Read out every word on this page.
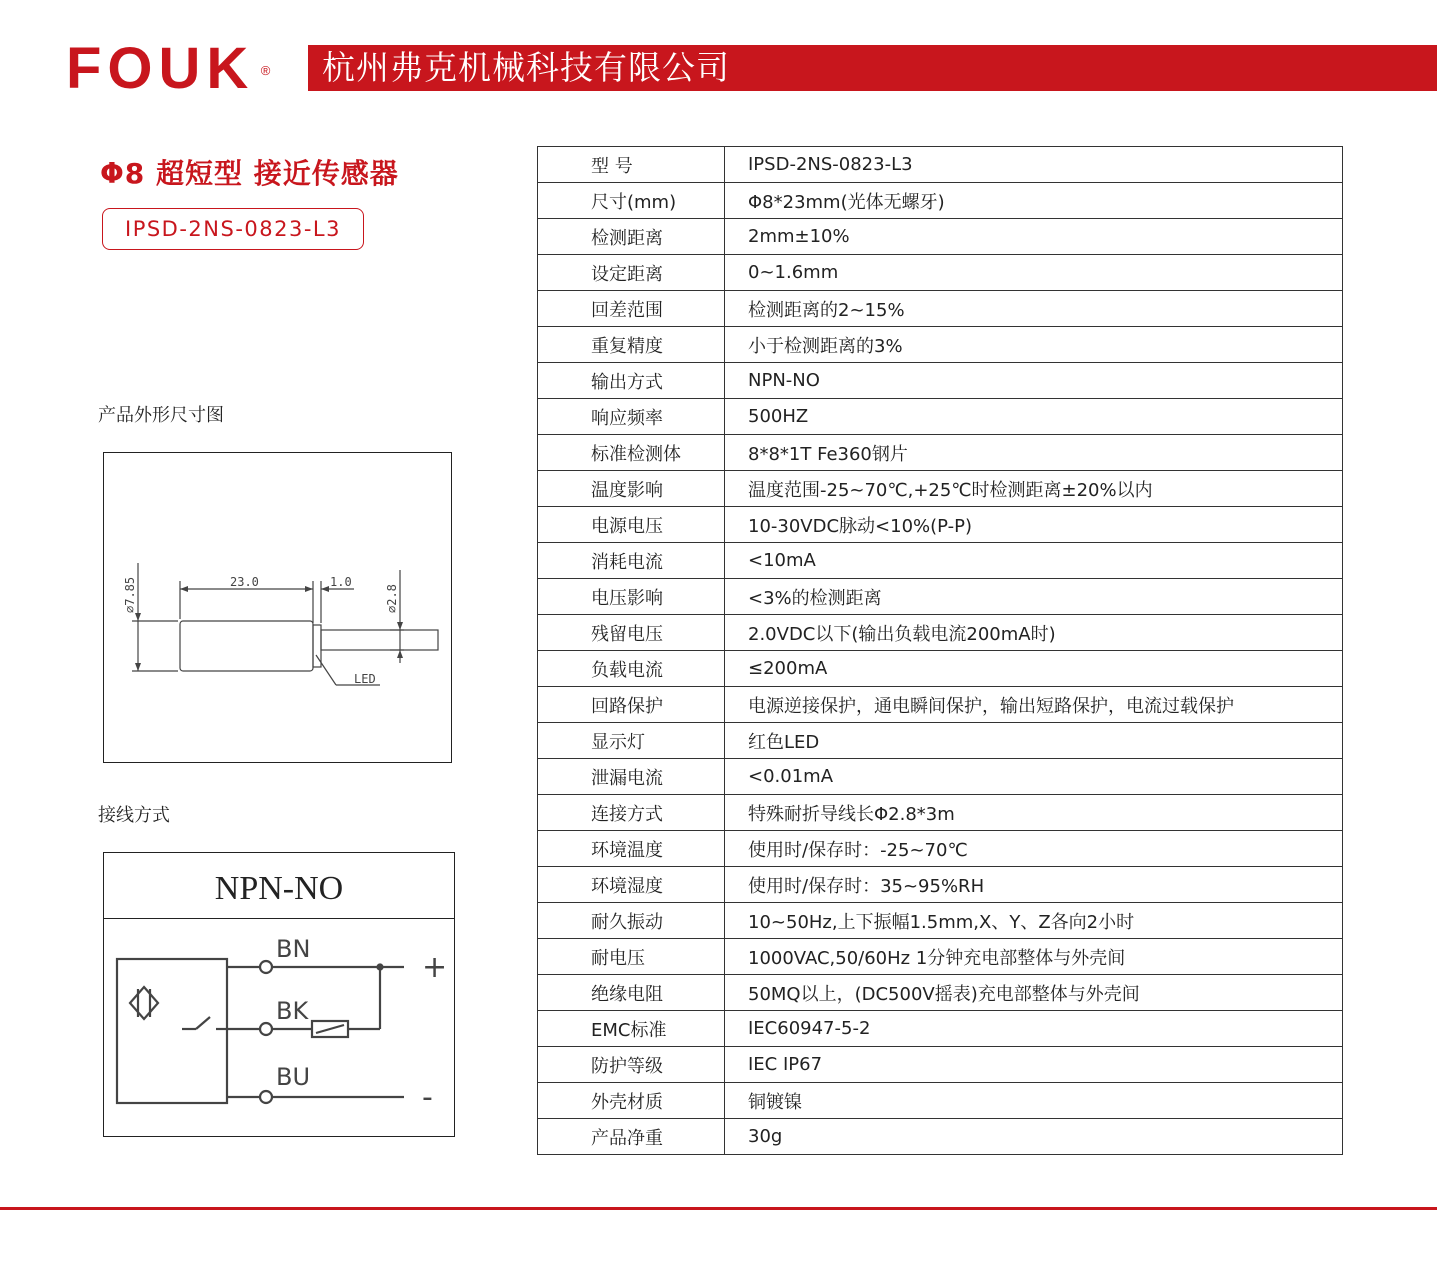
FOUK ® 杭州弗克机械科技有限公司
Φ8 超短型 接近传感器
IPSD-2NS-0823-L3
产品外形尺寸图
23.0	1.0
⌀7.85	⌀2.8
LED
接线方式
NPN-NO
BN
BK
BU
+
-
型 号	IPSD-2NS-0823-L3
尺寸(mm)	Φ8*23mm(光体无螺牙)
检测距离	2mm±10%
设定距离	0~1.6mm
回差范围	检测距离的2~15%
重复精度	小于检测距离的3%
输出方式	NPN-NO
响应频率	500HZ
标准检测体	8*8*1T Fe360钢片
温度影响	温度范围-25~70℃,+25℃时检测距离±20%以内
电源电压	10-30VDC脉动<10%(P-P)
消耗电流	<10mA
电压影响	<3%的检测距离
残留电压	2.0VDC以下(输出负载电流200mA时)
负载电流	≤200mA
回路保护	电源逆接保护，通电瞬间保护，输出短路保护，电流过载保护
显示灯	红色LED
泄漏电流	<0.01mA
连接方式	特殊耐折导线长Φ2.8*3m
环境温度	使用时/保存时：-25~70℃
环境湿度	使用时/保存时：35~95%RH
耐久振动	10~50Hz,上下振幅1.5mm,X、Y、Z各向2小时
耐电压	1000VAC,50/60Hz 1分钟充电部整体与外壳间
绝缘电阻	50MQ以上，(DC500V摇表)充电部整体与外壳间
EMC标准	IEC60947-5-2
防护等级	IEC IP67
外壳材质	铜镀镍
产品净重	30g
